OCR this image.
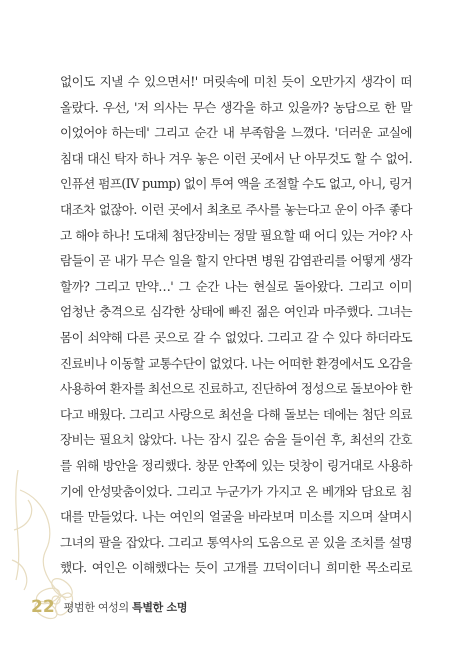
없이도 지낼 수 있으면서!' 머릿속에 미친 듯이 오만가지 생각이 떠
올랐다. 우선, '저 의사는 무슨 생각을 하고 있을까? 농담으로 한 말
이었어야 하는데' 그리고 순간 내 부족함을 느꼈다. '더러운 교실에
침대 대신 탁자 하나 겨우 놓은 이런 곳에서 난 아무것도 할 수 없어.
인퓨션 펌프(IV pump) 없이 투여 액을 조절할 수도 없고, 아니, 링거
대조차 없잖아. 이런 곳에서 최초로 주사를 놓는다고 운이 아주 좋다
고 해야 하나! 도대체 첨단장비는 정말 필요할 때 어디 있는 거야? 사
람들이 곧 내가 무슨 일을 할지 안다면 병원 감염관리를 어떻게 생각
할까? 그리고 만약…' 그 순간 나는 현실로 돌아왔다. 그리고 이미
엄청난 충격으로 심각한 상태에 빠진 젊은 여인과 마주했다. 그녀는
몸이 쇠약해 다른 곳으로 갈 수 없었다. 그리고 갈 수 있다 하더라도
진료비나 이동할 교통수단이 없었다. 나는 어떠한 환경에서도 오감을
사용하여 환자를 최선으로 진료하고, 진단하여 정성으로 돌보아야 한
다고 배웠다. 그리고 사랑으로 최선을 다해 돌보는 데에는 첨단 의료
장비는 필요치 않았다. 나는 잠시 깊은 숨을 들이쉰 후, 최선의 간호
를 위해 방안을 정리했다. 창문 안쪽에 있는 덧창이 링거대로 사용하
기에 안성맞춤이었다. 그리고 누군가가 가지고 온 베개와 담요로 침
대를 만들었다. 나는 여인의 얼굴을 바라보며 미소를 지으며 살며시
그녀의 팔을 잡았다. 그리고 통역사의 도움으로 곧 있을 조치를 설명
했다. 여인은 이해했다는 듯이 고개를 끄덕이더니 희미한 목소리로
22 평범한 여성의 특별한 소명
